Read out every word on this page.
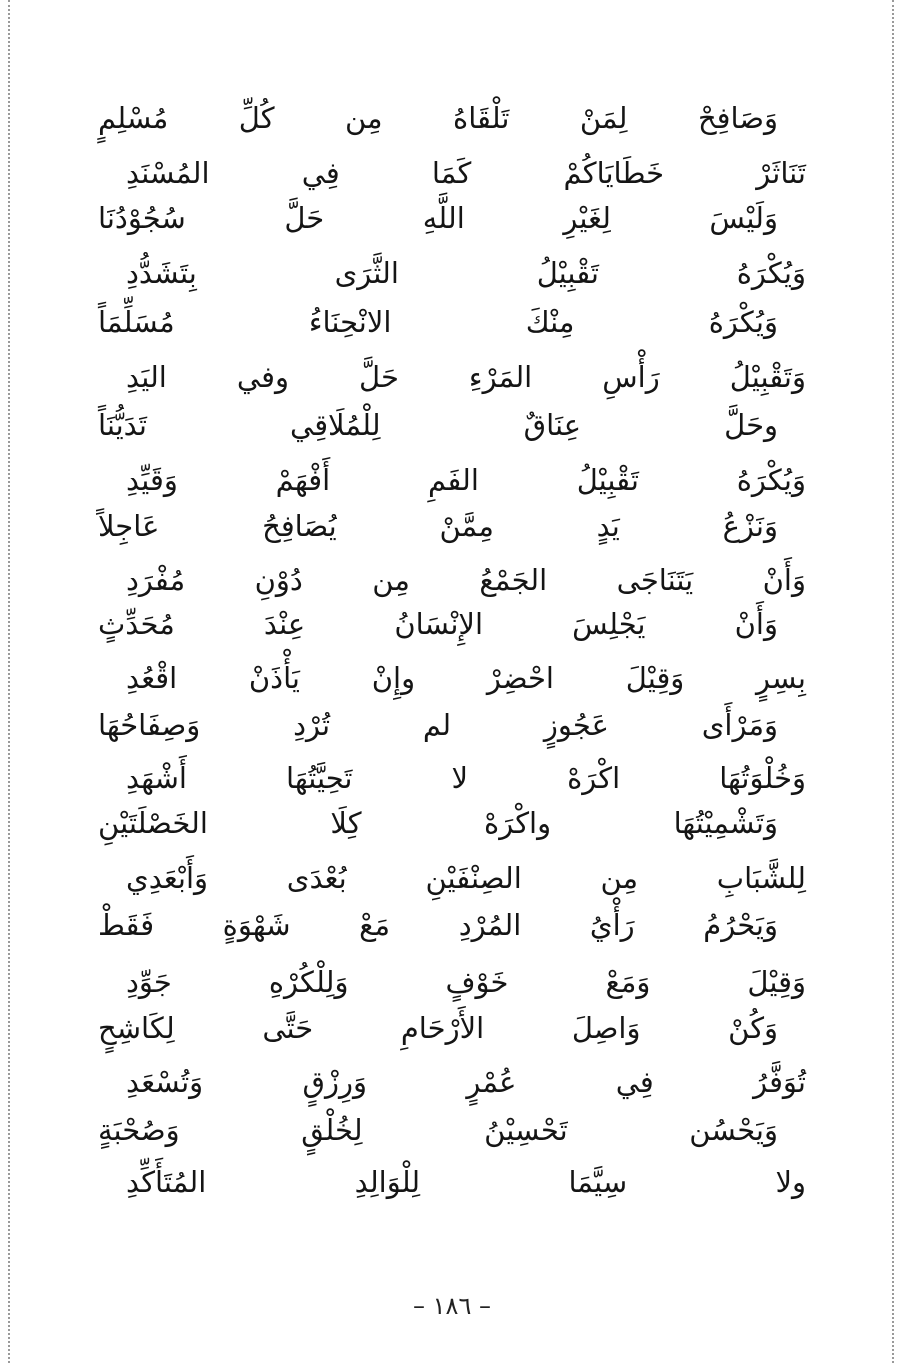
وَصَافِحْ لِمَنْ تَلْقَاهُ مِن كُلِّ مُسْلِمٍ
تَنَاثَرْ خَطَايَاكُمْ كَمَا فِي المُسْنَدِ
وَلَيْسَ لِغَيْرِ اللَّهِ حَلَّ سُجُوْدُنَا
وَيُكْرَهُ تَقْبِيْلُ الثَّرَى بِتَشَدُّدِ
وَيُكْرَهُ مِنْكَ الانْحِنَاءُ مُسَلِّمَاً
وَتَقْبِيْلُ رَأْسِ المَرْءِ حَلَّ وفي اليَدِ
وحَلَّ عِنَاقٌ لِلْمُلَاقِي تَدَيُّنَاً
وَيُكْرَهُ تَقْبِيْلُ الفَمِ أَفْهَمْ وَقَيِّدِ
وَنَزْعُ يَدٍ مِمَّنْ يُصَافِحُ عَاجِلاً
وَأَنْ يَتَنَاجَى الجَمْعُ مِن دُوْنِ مُفْرَدِ
وَأَنْ يَجْلِسَ الإِنْسَانُ عِنْدَ مُحَدِّثٍ
بِسِرٍ وَقِيْلَ احْضِرْ وإِنْ يَأْذَنْ اقْعُدِ
وَمَرْأَى عَجُوزٍ لم تُرْدِ وَصِفَاحُهَا
وَخُلْوَتُهَا اكْرَهْ لا تَحِيَّتُهَا أَشْهَدِ
وَتَشْمِيْتُهَا واكْرَهْ كِلَا الخَصْلَتَيْنِ
لِلشَّبَابِ مِن الصِنْفَيْنِ بُعْدَى وَأَبْعَدِي
وَيَحْرُمُ رَأْيُ المُرْدِ مَعْ شَهْوَةٍ فَقَطْ
وَقِيْلَ وَمَعْ خَوْفٍ وَلِلْكُرْهِ جَوِّدِ
وَكُنْ وَاصِلَ الأَرْحَامِ حَتَّى لِكَاشِحٍ
تُوَفَّرُ فِي عُمْرٍ وَرِزْقٍ وَتُسْعَدِ
وَيَحْسُن تَحْسِيْنُ لِخُلْقٍ وَصُحْبَةٍ
ولا سِيَّمَا لِلْوَالِدِ المُتَأَكِّدِ
– ١٨٦ –
